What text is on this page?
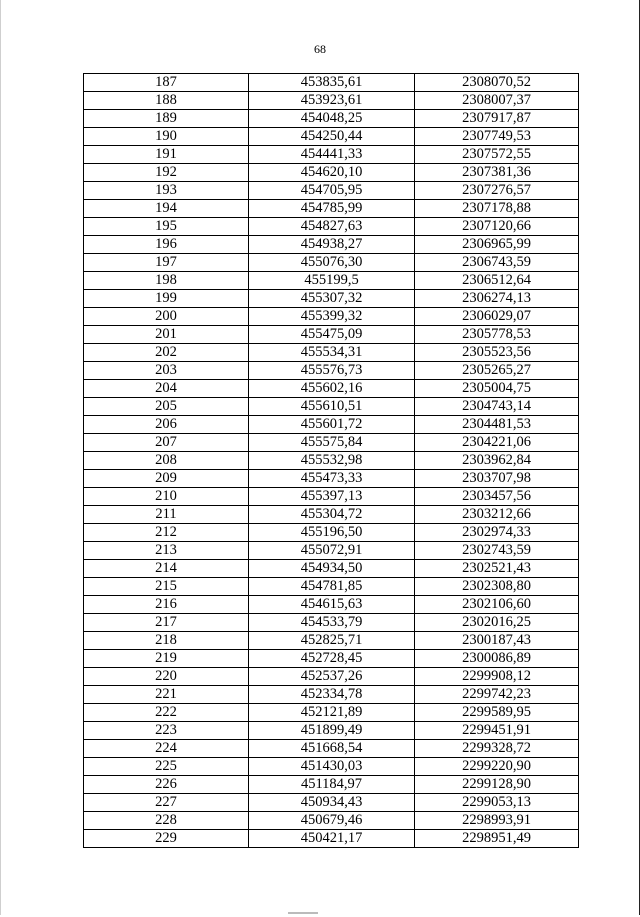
68
187	453835,61	2308070,52
188	453923,61	2308007,37
189	454048,25	2307917,87
190	454250,44	2307749,53
191	454441,33	2307572,55
192	454620,10	2307381,36
193	454705,95	2307276,57
194	454785,99	2307178,88
195	454827,63	2307120,66
196	454938,27	2306965,99
197	455076,30	2306743,59
198	455199,5	2306512,64
199	455307,32	2306274,13
200	455399,32	2306029,07
201	455475,09	2305778,53
202	455534,31	2305523,56
203	455576,73	2305265,27
204	455602,16	2305004,75
205	455610,51	2304743,14
206	455601,72	2304481,53
207	455575,84	2304221,06
208	455532,98	2303962,84
209	455473,33	2303707,98
210	455397,13	2303457,56
211	455304,72	2303212,66
212	455196,50	2302974,33
213	455072,91	2302743,59
214	454934,50	2302521,43
215	454781,85	2302308,80
216	454615,63	2302106,60
217	454533,79	2302016,25
218	452825,71	2300187,43
219	452728,45	2300086,89
220	452537,26	2299908,12
221	452334,78	2299742,23
222	452121,89	2299589,95
223	451899,49	2299451,91
224	451668,54	2299328,72
225	451430,03	2299220,90
226	451184,97	2299128,90
227	450934,43	2299053,13
228	450679,46	2298993,91
229	450421,17	2298951,49
